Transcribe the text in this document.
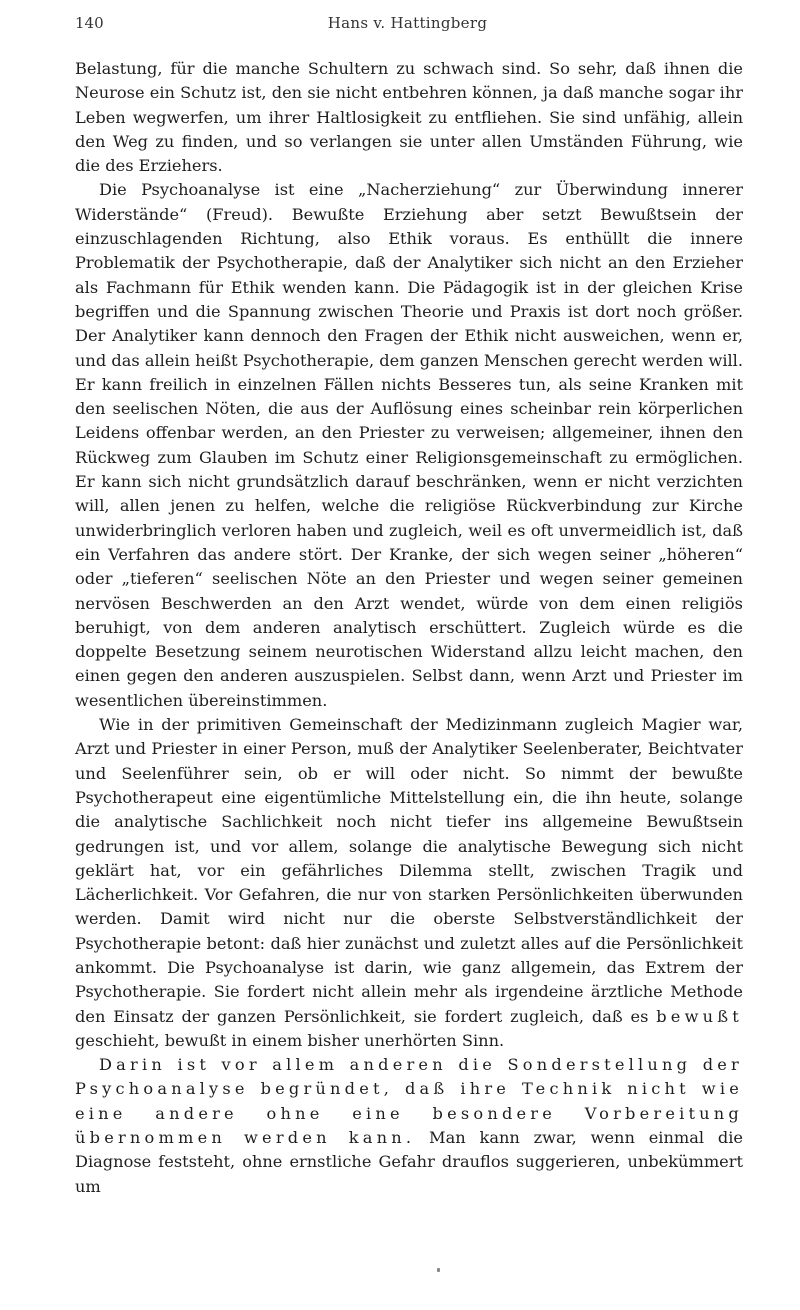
140	Hans v. Hattingberg

Belastung, für die manche Schultern zu schwach sind. So sehr, daß ihnen die Neurose ein Schutz ist, den sie nicht entbehren können, ja daß manche sogar ihr Leben wegwerfen, um ihrer Haltlosigkeit zu entfliehen. Sie sind unfähig, allein den Weg zu finden, und so verlangen sie unter allen Umständen Führung, wie die des Erziehers.

Die Psychoanalyse ist eine „Nacherziehung“ zur Überwindung innerer Widerstände“ (Freud). Bewußte Erziehung aber setzt Bewußtsein der einzuschlagenden Richtung, also Ethik voraus. Es enthüllt die innere Problematik der Psychotherapie, daß der Analytiker sich nicht an den Erzieher als Fachmann für Ethik wenden kann. Die Pädagogik ist in der gleichen Krise begriffen und die Spannung zwischen Theorie und Praxis ist dort noch größer. Der Analytiker kann dennoch den Fragen der Ethik nicht ausweichen, wenn er, und das allein heißt Psychotherapie, dem ganzen Menschen gerecht werden will. Er kann freilich in einzelnen Fällen nichts Besseres tun, als seine Kranken mit den seelischen Nöten, die aus der Auflösung eines scheinbar rein körperlichen Leidens offenbar werden, an den Priester zu verweisen; allgemeiner, ihnen den Rückweg zum Glauben im Schutz einer Religionsgemeinschaft zu ermöglichen. Er kann sich nicht grundsätzlich darauf beschränken, wenn er nicht verzichten will, allen jenen zu helfen, welche die religiöse Rückverbindung zur Kirche unwiderbringlich verloren haben und zugleich, weil es oft unvermeidlich ist, daß ein Verfahren das andere stört. Der Kranke, der sich wegen seiner „höheren“ oder „tieferen“ seelischen Nöte an den Priester und wegen seiner gemeinen nervösen Beschwerden an den Arzt wendet, würde von dem einen religiös beruhigt, von dem anderen analytisch erschüttert. Zugleich würde es die doppelte Besetzung seinem neurotischen Widerstand allzu leicht machen, den einen gegen den anderen auszuspielen. Selbst dann, wenn Arzt und Priester im wesentlichen übereinstimmen.

Wie in der primitiven Gemeinschaft der Medizinmann zugleich Magier war, Arzt und Priester in einer Person, muß der Analytiker Seelenberater, Beichtvater und Seelenführer sein, ob er will oder nicht. So nimmt der bewußte Psychotherapeut eine eigentümliche Mittelstellung ein, die ihn heute, solange die analytische Sachlichkeit noch nicht tiefer ins allgemeine Bewußtsein gedrungen ist, und vor allem, solange die analytische Bewegung sich nicht geklärt hat, vor ein gefährliches Dilemma stellt, zwischen Tragik und Lächerlichkeit. Vor Gefahren, die nur von starken Persönlichkeiten überwunden werden. Damit wird nicht nur die oberste Selbstverständlichkeit der Psychotherapie betont: daß hier zunächst und zuletzt alles auf die Persönlichkeit ankommt. Die Psychoanalyse ist darin, wie ganz allgemein, das Extrem der Psychotherapie. Sie fordert nicht allein mehr als irgendeine ärztliche Methode den Einsatz der ganzen Persönlichkeit, sie fordert zugleich, daß es bewußt geschieht, bewußt in einem bisher unerhörten Sinn.

Darin ist vor allem anderen die Sonderstellung der Psychoanalyse begründet, daß ihre Technik nicht wie eine andere ohne eine besondere Vorbereitung übernommen werden kann. Man kann zwar, wenn einmal die Diagnose feststeht, ohne ernstliche Gefahr drauflos suggerieren, unbekümmert um
